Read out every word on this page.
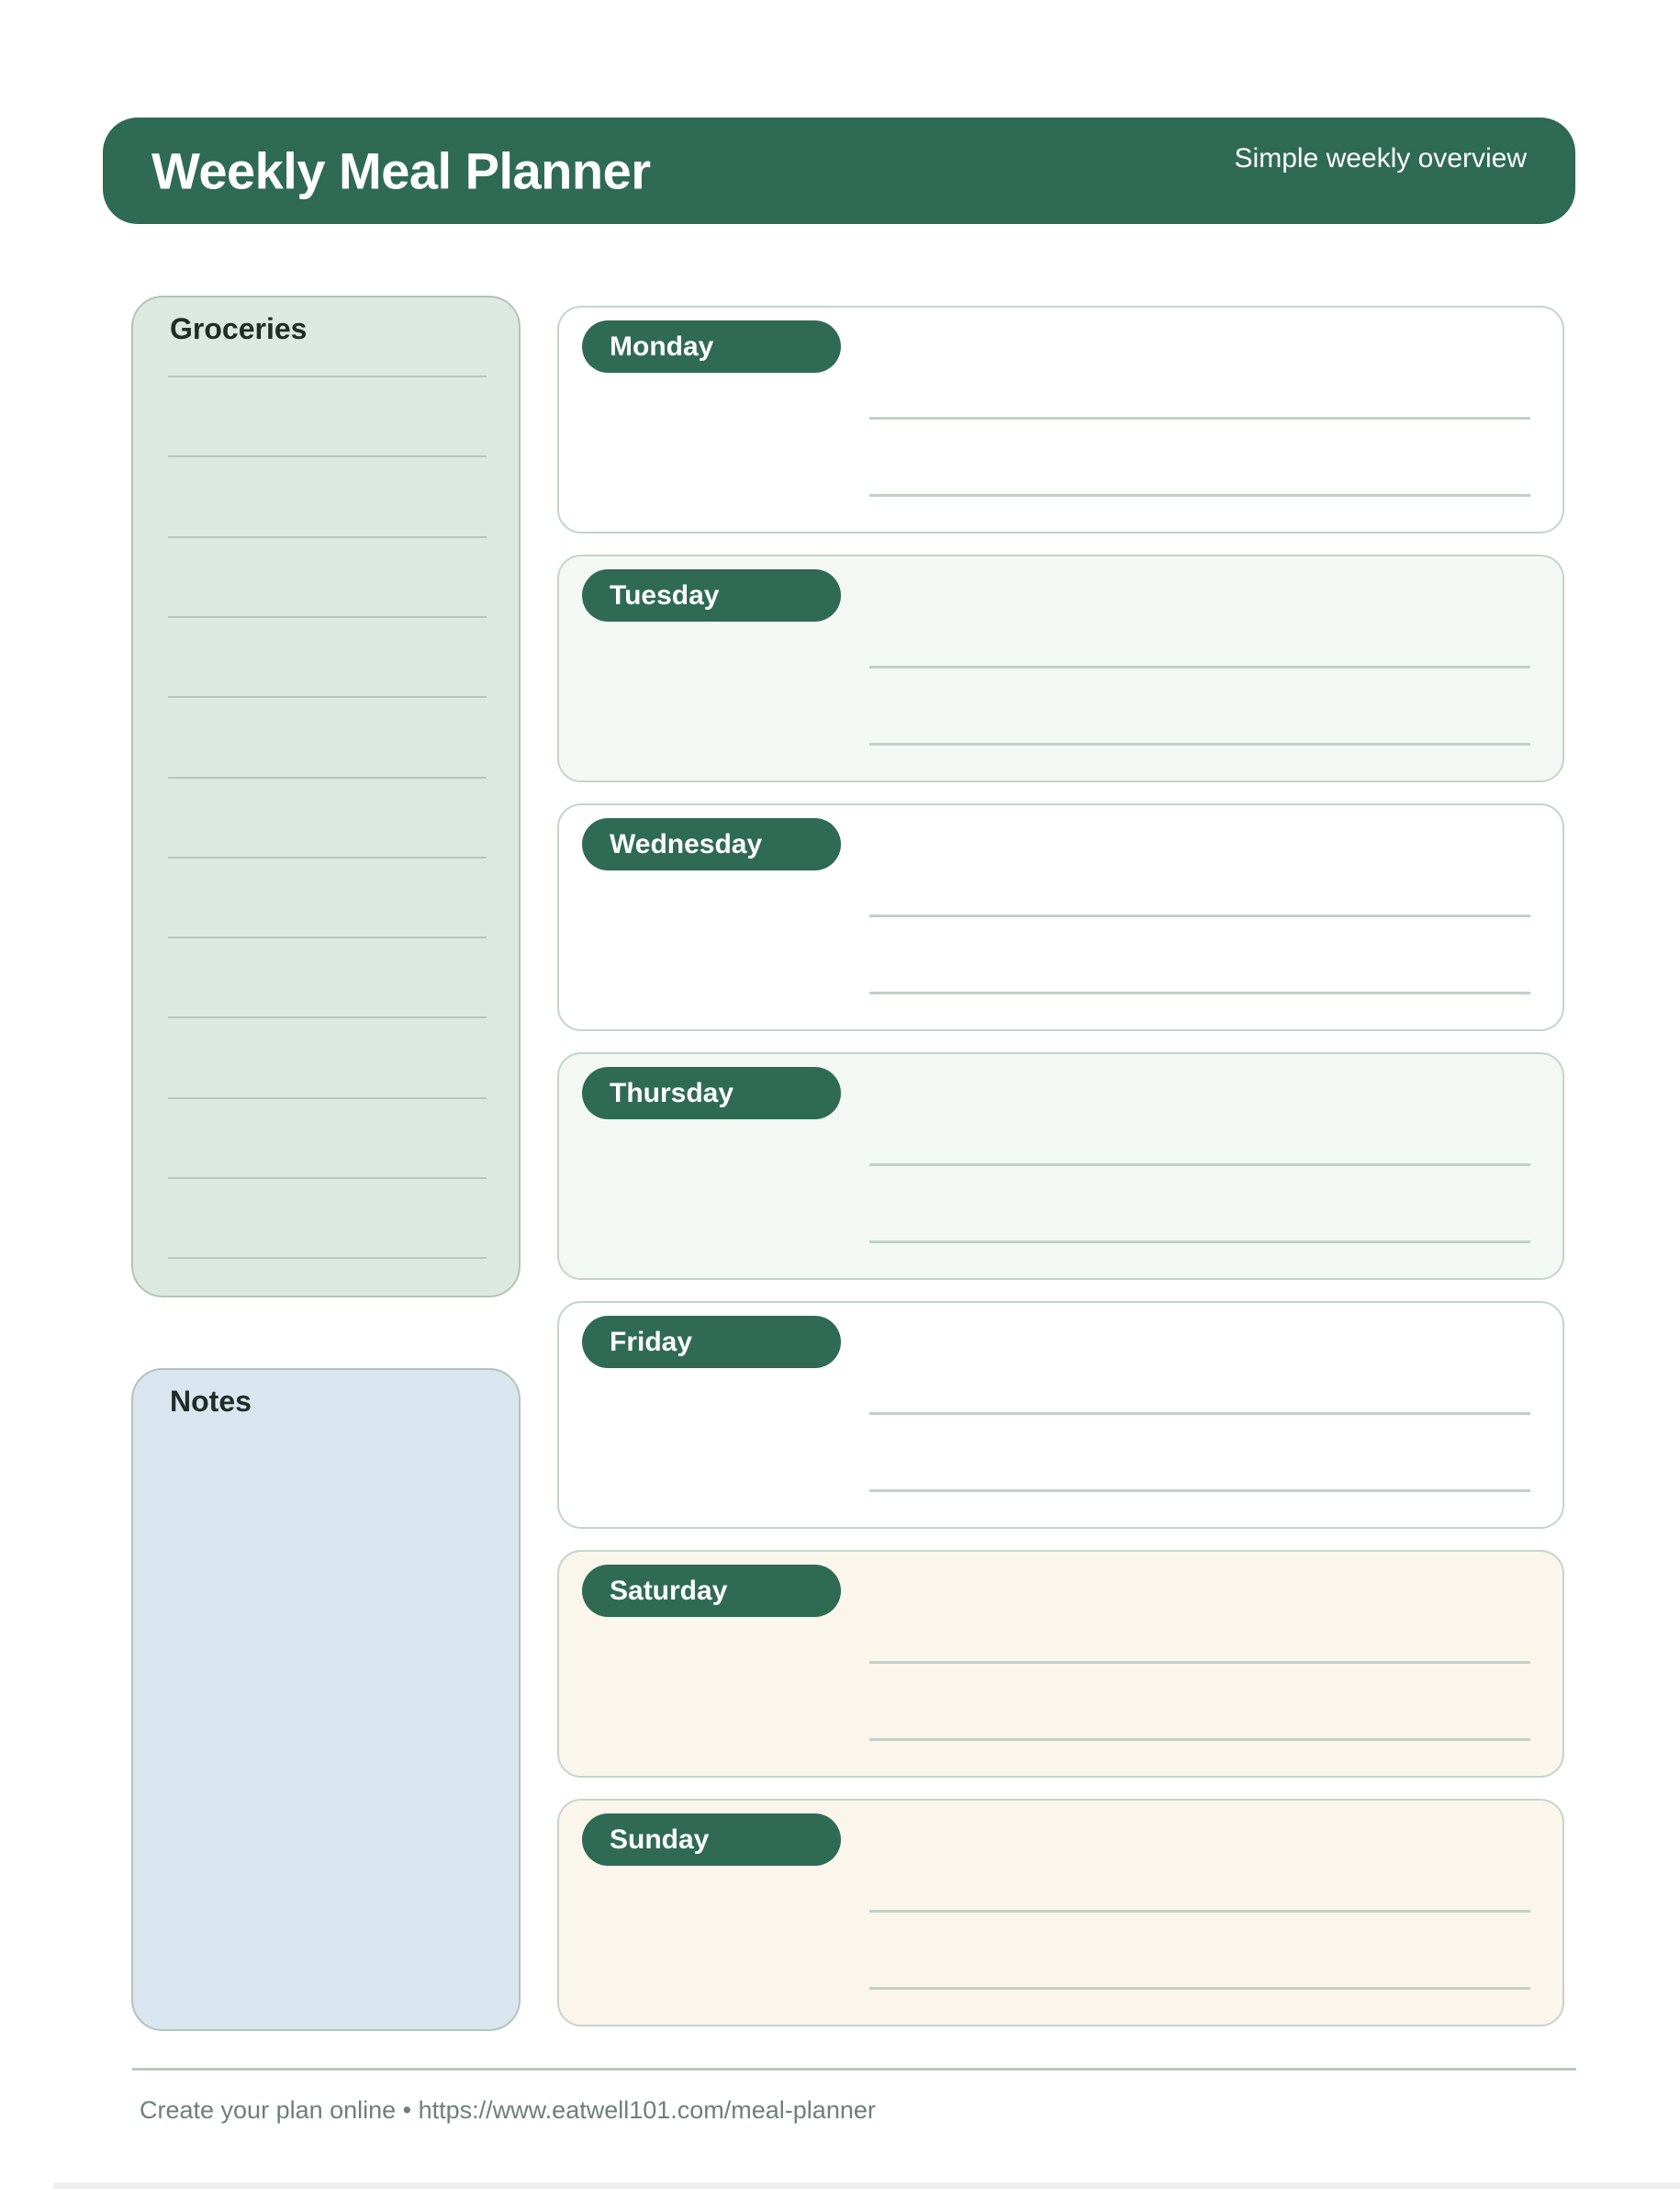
Weekly Meal Planner	Simple weekly overview
Groceries
Notes
Monday
Tuesday
Wednesday
Thursday
Friday
Saturday
Sunday
Create your plan online • https://www.eatwell101.com/meal-planner
